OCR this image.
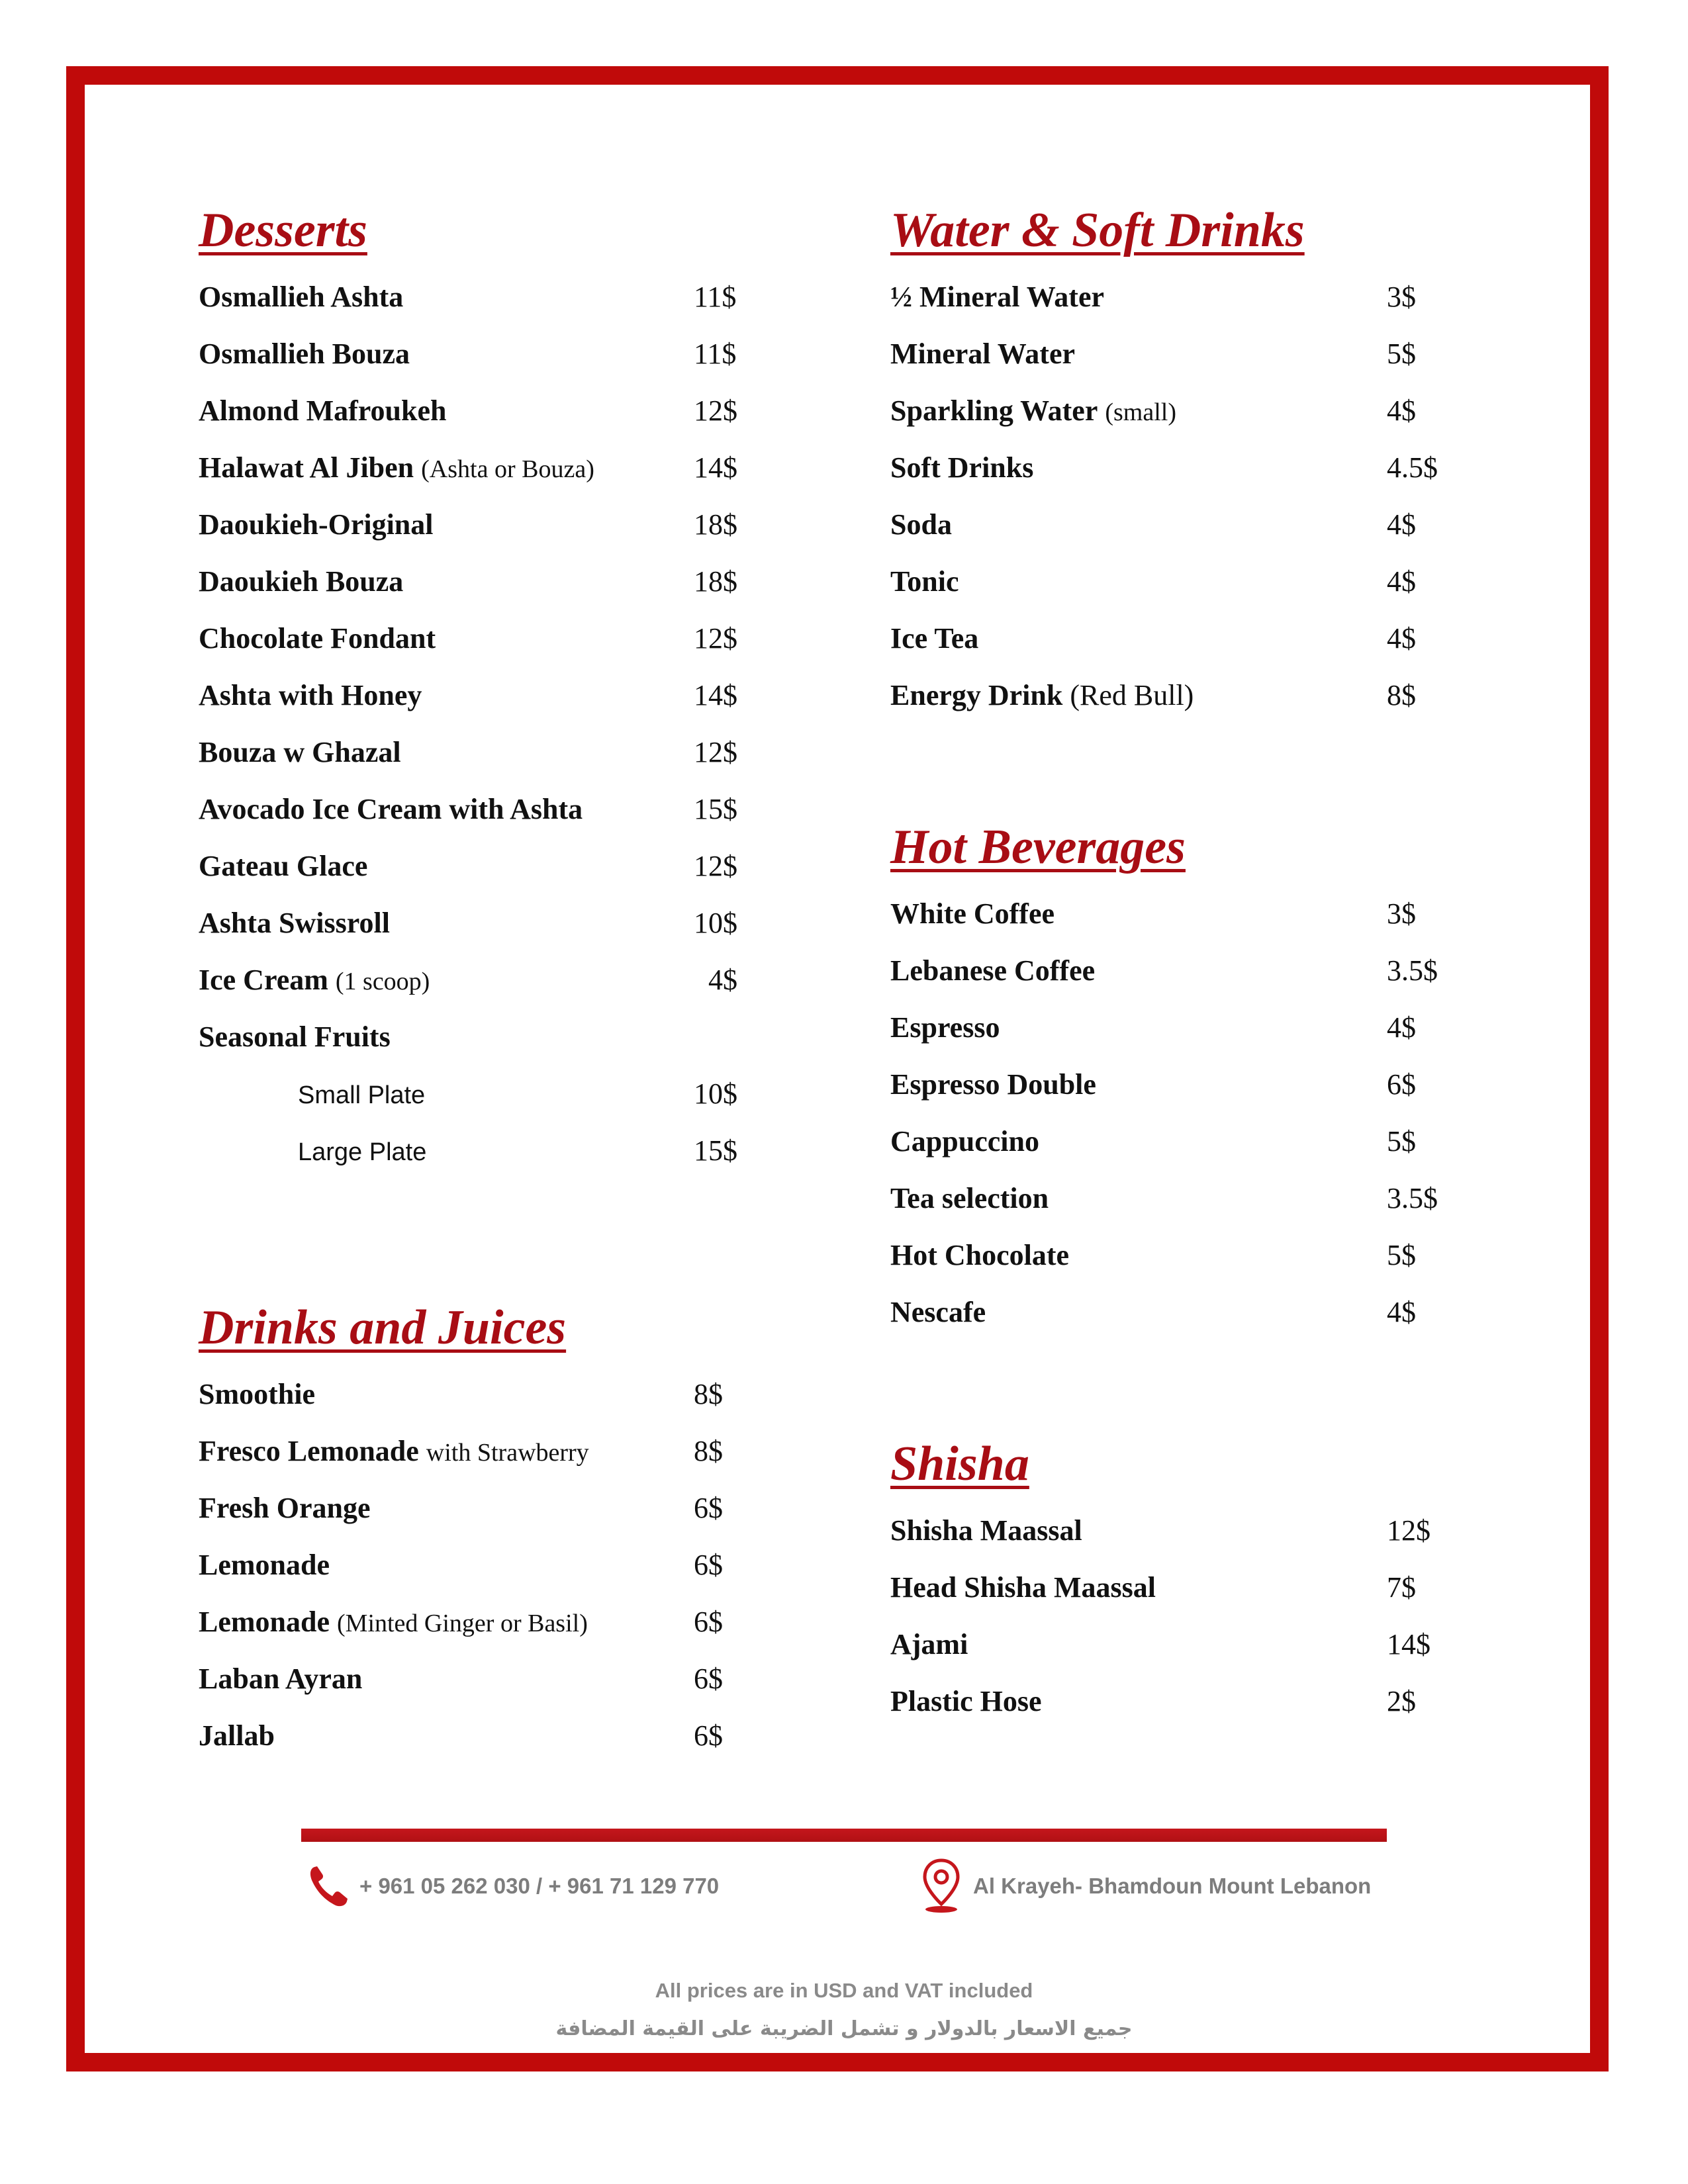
Desserts
Osmallieh Ashta	11$
Osmallieh Bouza	11$
Almond Mafroukeh	12$
Halawat Al Jiben (Ashta or Bouza)	14$
Daoukieh-Original	18$
Daoukieh Bouza	18$
Chocolate Fondant	12$
Ashta with Honey	14$
Bouza w Ghazal	12$
Avocado Ice Cream with Ashta	15$
Gateau Glace	12$
Ashta Swissroll	10$
Ice Cream (1 scoop)	4$
Seasonal Fruits
Small Plate	10$
Large Plate	15$
Drinks and Juices
Smoothie	8$
Fresco Lemonade with Strawberry	8$
Fresh Orange	6$
Lemonade	6$
Lemonade (Minted Ginger or Basil)	6$
Laban Ayran	6$
Jallab	6$
Water & Soft Drinks
½ Mineral Water	3$
Mineral Water	5$
Sparkling Water (small)	4$
Soft Drinks	4.5$
Soda	4$
Tonic	4$
Ice Tea	4$
Energy Drink (Red Bull)	8$
Hot Beverages
White Coffee	3$
Lebanese Coffee	3.5$
Espresso	4$
Espresso Double	6$
Cappuccino	5$
Tea selection	3.5$
Hot Chocolate	5$
Nescafe	4$
Shisha
Shisha Maassal	12$
Head Shisha Maassal	7$
Ajami	14$
Plastic Hose	2$
+ 961 05 262 030 / + 961 71 129 770	Al Krayeh- Bhamdoun Mount Lebanon
All prices are in USD and VAT included
جميع الاسعار بالدولار و تشمل الضريبة على القيمة المضافة
